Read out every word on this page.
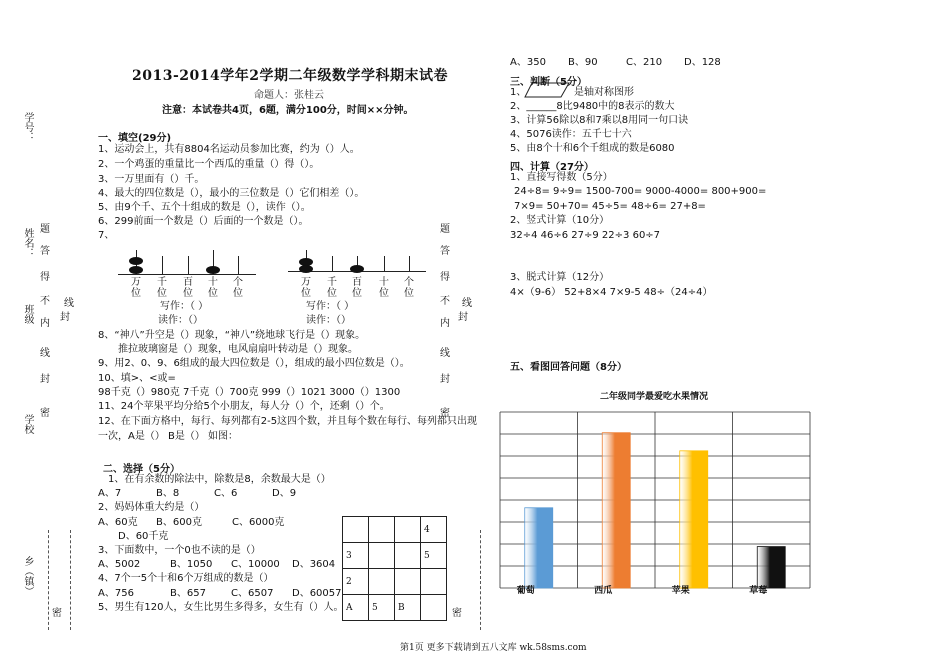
学号：
姓名：
班级
学校
乡（镇）
题
答
得
不 线
封
内
线
封
密
密
题
答
得
不 线
封
内
线
封
密
密
2013-2014学年2学期二年级数学学科期末试卷
命题人：张桂云
注意：本试卷共4页，6题，满分100分，时间××分钟。
一、填空(29分)
1、运动会上，共有8804名运动员参加比赛，约为（）人。
2、一个鸡蛋的重量比一个西瓜的重量（）得（）。
3、一万里面有（）千。
4、最大的四位数是（），最小的三位数是（）它们相差（）。
5、由9个千、五个十组成的数是（），读作（）。
6、299前面一个数是（）后面的一个数是（）。
7、
万位
千位
百位
十位
个位
写作：（ ）
读作：（）
万位
千位
百位
十位
个位
写作：（ ）
读作：（）
8、“神八”升空是（）现象，“神八”绕地球飞行是（）现象。
推拉玻璃窗是（）现象，电风扇扇叶转动是（）现象。
9、用2、0、9、6组成的最大四位数是（），组成的最小四位数是（）。
10、填>、<或=
98千克（）980克 7千克（）700克 999（）1021 3000（）1300
11、24个苹果平均分给5个小朋友，每人分（）个，还剩（）个。
12、在下面方格中，每行、每列都有2-5这四个数，并且每个数在每行、每列都只出现
一次，A是（） B是（） 如图：
二、选择（5分）
1、在有余数的除法中，除数是8，余数最大是（）
A、7	B、8	C、6	D、9
2、妈妈体重大约是（）
A、60克 B、600克	C、6000克
D、60千克
3、下面数中，一个0也不读的是（）
A、5002	B、1050 C、10000 D、3604
4、7个一5个十和6个万组成的数是（）
A、756	B、657	C、6507 D、60057
5、男生有120人，女生比男生多得多，女生有（）人。
			4
3			5
2			
A	5	B	
A、350 B、90	C、210 D、128
三、判断（5分）
1、	是轴对称图形
2、______8比9480中的8表示的数大
3、计算56除以8和7乘以8用同一句口诀
4、5076读作：五千七十六
5、由8个十和6个千组成的数是6080
四、计算（27分）
1、直接写得数（5分）
24÷8= 9÷9= 1500-700= 9000-4000= 800+900=
7×9= 50+70= 45÷5= 48÷6= 27+8=
2、竖式计算（10分）
32÷4 46÷6 27÷9 22÷3 60÷7
3、脱式计算（12分）
4×（9-6） 52+8×4 7×9-5 48÷（24÷4）
五、看图回答问题（8分）
二年级同学最爱吃水果情况
第1页 更多下载请到五八文库 wk.58sms.com
葡萄	西瓜	苹果	草莓
